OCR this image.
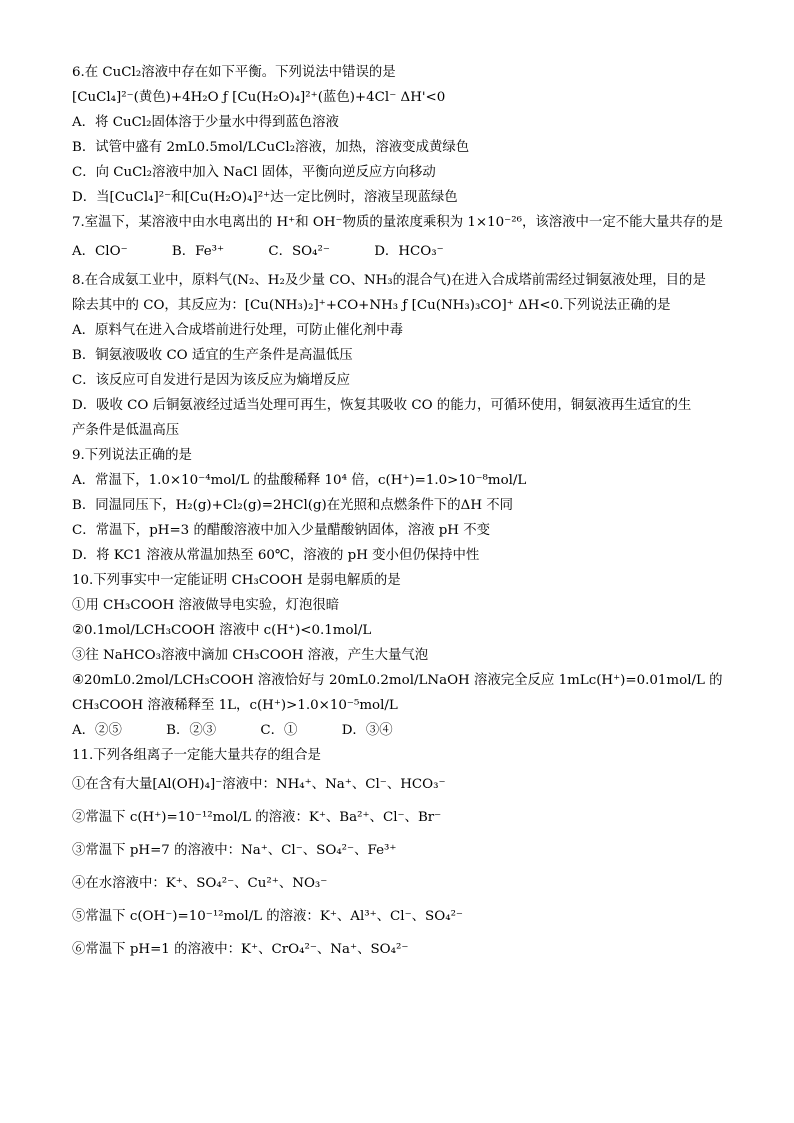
6.在 CuCl₂溶液中存在如下平衡。下列说法中错误的是
[CuCl₄]²⁻(黄色)+4H₂O ƒ [Cu(H₂O)₄]²⁺(蓝色)+4Cl⁻ ΔH'<0
A．将 CuCl₂固体溶于少量水中得到蓝色溶液
B．试管中盛有 2mL0.5mol/LCuCl₂溶液，加热，溶液变成黄绿色
C．向 CuCl₂溶液中加入 NaCl 固体，平衡向逆反应方向移动
D．当[CuCl₄]²⁻和[Cu(H₂O)₄]²⁺达一定比例时，溶液呈现蓝绿色
7.室温下，某溶液中由水电离出的 H⁺和 OH⁻物质的量浓度乘积为 1×10⁻²⁶，该溶液中一定不能大量共存的是
A．ClO⁻	B．Fe³⁺	C．SO₄²⁻	D．HCO₃⁻
8.在合成氨工业中，原料气(N₂、H₂及少量 CO、NH₃的混合气)在进入合成塔前需经过铜氨液处理，目的是
除去其中的 CO，其反应为：[Cu(NH₃)₂]⁺+CO+NH₃ ƒ [Cu(NH₃)₃CO]⁺ ΔH<0.下列说法正确的是
A．原料气在进入合成塔前进行处理，可防止催化剂中毒
B．铜氨液吸收 CO 适宜的生产条件是高温低压
C．该反应可自发进行是因为该反应为熵增反应
D．吸收 CO 后铜氨液经过适当处理可再生，恢复其吸收 CO 的能力，可循环使用，铜氨液再生适宜的生
产条件是低温高压
9.下列说法正确的是
A．常温下，1.0×10⁻⁴mol/L 的盐酸稀释 10⁴ 倍，c(H⁺)=1.0>10⁻⁸mol/L
B．同温同压下，H₂(g)+Cl₂(g)=2HCl(g)在光照和点燃条件下的ΔH 不同
C．常温下，pH=3 的醋酸溶液中加入少量醋酸钠固体，溶液 pH 不变
D．将 KC1 溶液从常温加热至 60℃，溶液的 pH 变小但仍保持中性
10.下列事实中一定能证明 CH₃COOH 是弱电解质的是
①用 CH₃COOH 溶液做导电实验，灯泡很暗
②0.1mol/LCH₃COOH 溶液中 c(H⁺)<0.1mol/L
③往 NaHCO₃溶液中滴加 CH₃COOH 溶液，产生大量气泡
④20mL0.2mol/LCH₃COOH 溶液恰好与 20mL0.2mol/LNaOH 溶液完全反应 1mLc(H⁺)=0.01mol/L 的
CH₃COOH 溶液稀释至 1L，c(H⁺)>1.0×10⁻⁵mol/L
A．②⑤	B．②③	C．①	D．③④
11.下列各组离子一定能大量共存的组合是
①在含有大量[Al(OH)₄]⁻溶液中：NH₄⁺、Na⁺、Cl⁻、HCO₃⁻
②常温下 c(H⁺)=10⁻¹²mol/L 的溶液：K⁺、Ba²⁺、Cl⁻、Br⁻
③常温下 pH=7 的溶液中：Na⁺、Cl⁻、SO₄²⁻、Fe³⁺
④在水溶液中：K⁺、SO₄²⁻、Cu²⁺、NO₃⁻
⑤常温下 c(OH⁻)=10⁻¹²mol/L 的溶液：K⁺、Al³⁺、Cl⁻、SO₄²⁻
⑥常温下 pH=1 的溶液中：K⁺、CrO₄²⁻、Na⁺、SO₄²⁻
